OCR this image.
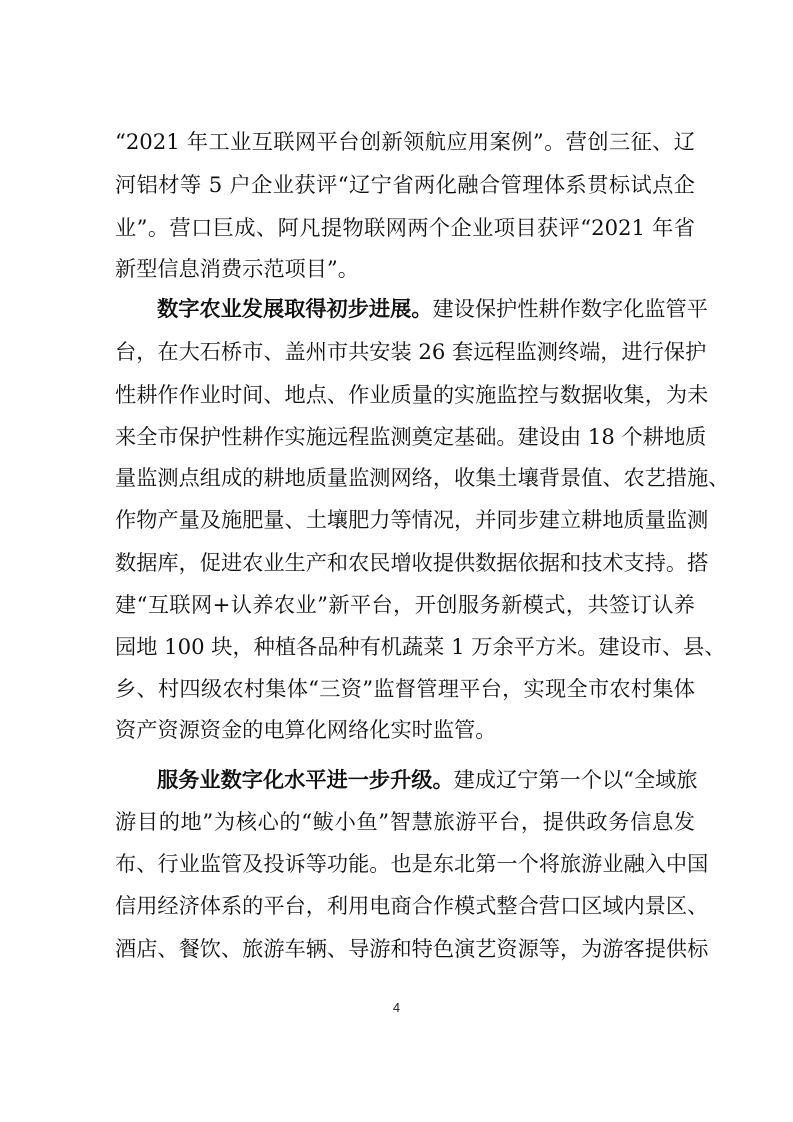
“2021 年工业互联网平台创新领航应用案例”。营创三征、辽
河铝材等 5 户企业获评“辽宁省两化融合管理体系贯标试点企
业”。营口巨成、阿凡提物联网两个企业项目获评“2021 年省
新型信息消费示范项目”。
数字农业发展取得初步进展。建设保护性耕作数字化监管平
台，在大石桥市、盖州市共安装 26 套远程监测终端，进行保护
性耕作作业时间、地点、作业质量的实施监控与数据收集，为未
来全市保护性耕作实施远程监测奠定基础。建设由 18 个耕地质
量监测点组成的耕地质量监测网络，收集土壤背景值、农艺措施、
作物产量及施肥量、土壤肥力等情况，并同步建立耕地质量监测
数据库，促进农业生产和农民增收提供数据依据和技术支持。搭
建“互联网+认养农业”新平台，开创服务新模式，共签订认养
园地 100 块，种植各品种有机蔬菜 1 万余平方米。建设市、县、
乡、村四级农村集体“三资”监督管理平台，实现全市农村集体
资产资源资金的电算化网络化实时监管。
服务业数字化水平进一步升级。建成辽宁第一个以“全域旅
游目的地”为核心的“鲅小鱼”智慧旅游平台，提供政务信息发
布、行业监管及投诉等功能。也是东北第一个将旅游业融入中国
信用经济体系的平台，利用电商合作模式整合营口区域内景区、
酒店、餐饮、旅游车辆、导游和特色演艺资源等，为游客提供标
4
